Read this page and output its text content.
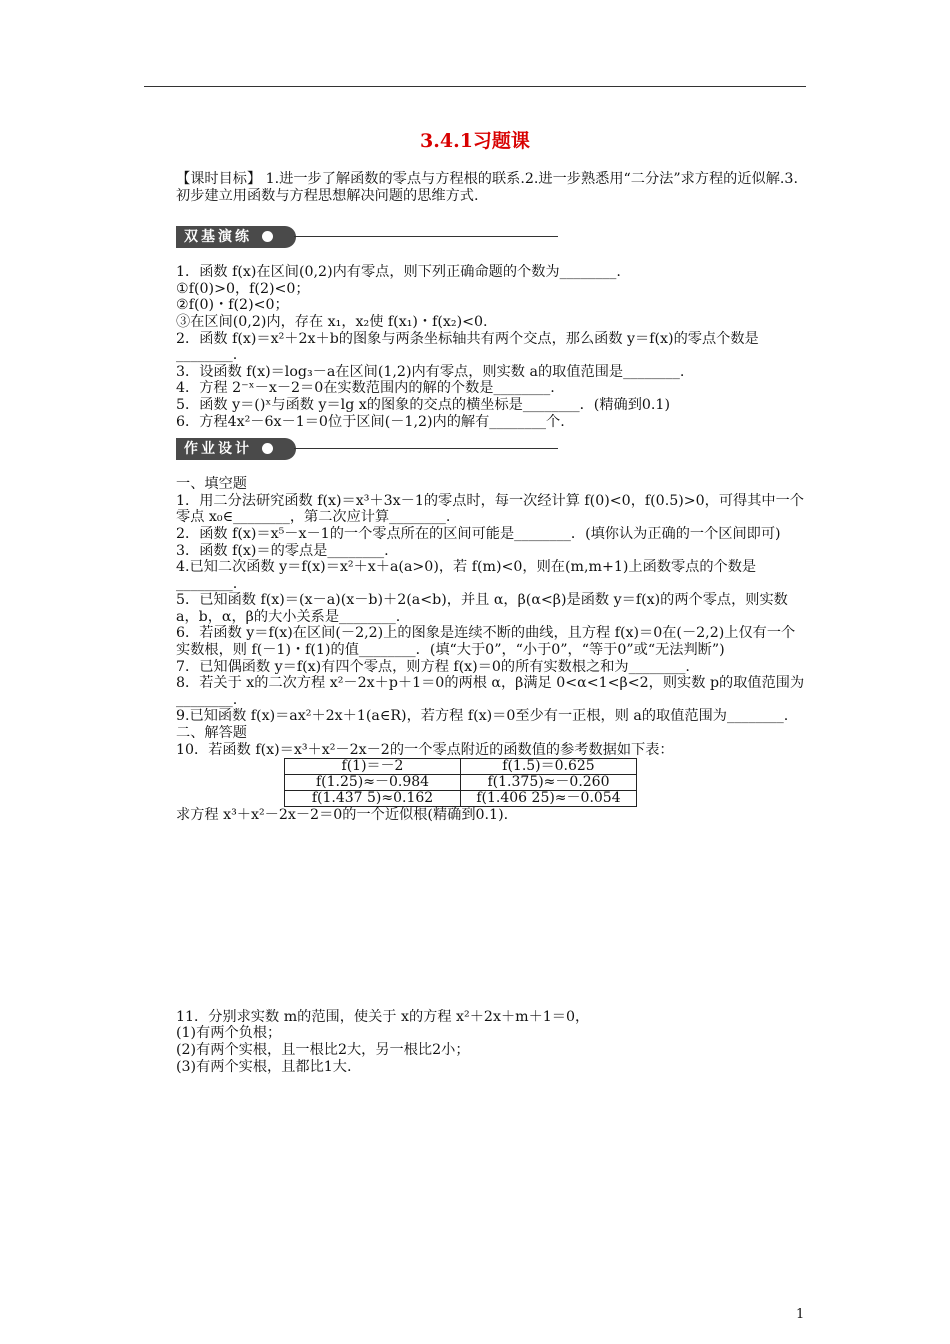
3.4.1习题课

【课时目标】 1.进一步了解函数的零点与方程根的联系.2.进一步熟悉用“二分法”求方程的近似解.3.初步建立用函数与方程思想解决问题的思维方式.

双基演练

1．函数 f(x)在区间(0,2)内有零点，则下列正确命题的个数为________.

①f(0)>0，f(2)<0；

②f(0)・f(2)<0；

③在区间(0,2)内，存在 x₁，x₂使 f(x₁)・f(x₂)<0.

2．函数 f(x)＝x²＋2x＋b的图象与两条坐标轴共有两个交点，那么函数 y＝f(x)的零点个数是________.

3．设函数 f(x)＝log₃－a在区间(1,2)内有零点，则实数 a的取值范围是________.

4．方程 2⁻ˣ－x－2＝0在实数范围内的解的个数是________.

5．函数 y＝()ˣ与函数 y＝lg x的图象的交点的横坐标是________．(精确到0.1)

6．方程4x²－6x－1＝0位于区间(－1,2)内的解有________个.

作业设计

一、填空题

1．用二分法研究函数 f(x)＝x³＋3x－1的零点时，每一次经计算 f(0)<0，f(0.5)>0，可得其中一个零点 x₀∈________，第二次应计算________.

2．函数 f(x)＝x⁵－x－1的一个零点所在的区间可能是________．(填你认为正确的一个区间即可)

3．函数 f(x)＝的零点是________.

4.已知二次函数 y＝f(x)＝x²＋x＋a(a>0)，若 f(m)<0，则在(m,m+1)上函数零点的个数是________.

5．已知函数 f(x)＝(x－a)(x－b)＋2(a<b)，并且 α，β(α<β)是函数 y＝f(x)的两个零点，则实数 a，b，α，β的大小关系是________.

6．若函数 y＝f(x)在区间(－2,2)上的图象是连续不断的曲线，且方程 f(x)＝0在(－2,2)上仅有一个实数根，则 f(－1)・f(1)的值________．(填“大于0”，“小于0”，“等于0”或“无法判断”)

7．已知偶函数 y＝f(x)有四个零点，则方程 f(x)＝0的所有实数根之和为________.

8．若关于 x的二次方程 x²－2x＋p＋1＝0的两根 α，β满足 0<α<1<β<2，则实数 p的取值范围为________.

9.已知函数 f(x)＝ax²＋2x＋1(a∈R)，若方程 f(x)＝0至少有一正根，则 a的取值范围为________.

二、解答题

10．若函数 f(x)＝x³＋x²－2x－2的一个零点附近的函数值的参考数据如下表：

f(1)＝－2	f(1.5)＝0.625
f(1.25)≈－0.984	f(1.375)≈－0.260
f(1.437 5)≈0.162	f(1.406 25)≈－0.054

求方程 x³＋x²－2x－2＝0的一个近似根(精确到0.1).

11．分别求实数 m的范围，使关于 x的方程 x²＋2x＋m＋1＝0，

(1)有两个负根；

(2)有两个实根，且一根比2大，另一根比2小；

(3)有两个实根，且都比1大.

1
